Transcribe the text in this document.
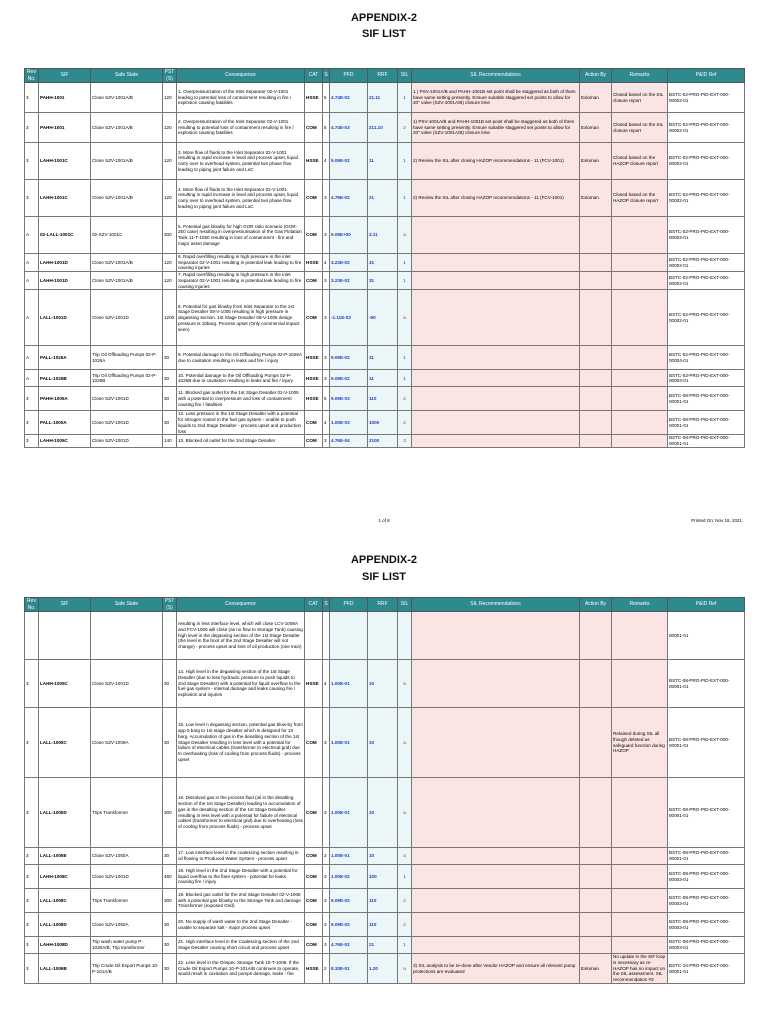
APPENDIX-2
SIF LIST
Rev No.	SIF	Safe State	PST (S)	Consequence	CAT	S	PFD	RRF	SIL	SIL Recommendations	Action By	Remarks	P&ID Ref
3	PAHH-1001	Close SZV-1001A/B	120	1. Overpressurization of the Inlet Separator 02-V-1001 leading to potential loss of containment resulting in fire / explosion causing fatalities	HSSE	5	4.74E-02	21.11	1	1 ) PSV-1001A/B and PAHH-1001B set point shall be staggered as both of them have same setting presently. Ensure suitable staggered set points to allow for 20" valve (SZV-1001A/B) closure time	Exloman	Closed based on the SIL closure report	BSTC-02-PRO-PID-EXT-000-00002-01
3	PAHH-1001	Close SZV-1001A/B	120	2. Overpressurization of the Inlet Separator 02-V-1001 resulting to potential loss of containment resulting in fire / explosion causing fatalities	COM	5	4.74E-03	211.10	2	1) PSV-1001A/B and PAHH-1001B set point shall be staggered as both of them have same setting presently. Ensure suitable staggered set points to allow for 20" valve (SZV-1001A/B) closure time	Exloman	Closed based on the SIL closure report	BSTC-02-PRO-PID-EXT-000-00002-01
3	LAHH-1001C	Close SZV-1001A/B	120	3. More flow of fluids to the Inlet Separator 02-V-1001 resulting in rapid increase in level and process upset, liquid carry over to overhead system, potential two phase flow leading to piping joint failure and LoC	HSSE	4	9.09E-02	11	1	2) Review the SIL after closing HAZOP recommendations - 11 (FCV-1001)	Exloman	Closed based on the HAZOP closure report	BSTC-02-PRO-PID-EXT-000-00002-01
3	LAHH-1001C	Close SZV-1001A/B	120	4. More flow of fluids to the Inlet Separator 02-V-1001 resulting in rapid increase in level and process upset, liquid carry over to overhead system, potential two phase flow leading to piping joint failure and LoC	COM	3	4.76E-02	21	1	2) Review the SIL after closing HAZOP recommendations - 11 (FCV-1001)	Exloman	Closed based on the HAZOP closure report	BSTC-02-PRO-PID-EXT-000-00002-01
A	02-LALL-1001C	02-SZV-1001C	300	5. Potential gas blowby for high GOR ratio scenario (GOR-250 case) resulting in overpressurisation of the Gas Flotation Tank 11-T-1050 resulting in loss of containment - fire and major asset damage	COM	3	9.09E+00	3.11	a				BSTC-02-PRO-PID-EXT-000-00002-01
A	LAHH-1001D	Close SZV-1001A/B	120	6. Rapid overfilling resulting in high pressure in the inlet Separator 02-V-1001 resulting in potential leak leading to fire causing injuries	HSSE	4	3.23E-02	31	1				BSTC-02-PRO-PID-EXT-000-00002-01
A	LAHH-1001D	Close SZV-1001A/B	120	7. Rapid overfilling resulting in high pressure in the inlet Separator 02-V-1001 resulting in potential leak leading to fire causing injuries	COM	3	3.23E-02	31	1				BSTC-02-PRO-PID-EXT-000-00002-01
A	LALL-1001D	Close SZV-1001D	1200	8. Potential for gas blowby from Inlet Separator to the 1st Stage Desalter 08-V-1005 resulting in high pressure in degassing section. 1st Stage Desalter 08-V-1005 design pressure is 10barg. Process upset (Only commercial impact seen)	COM	3	-1.11E-02	-90	a				BSTC-02-PRO-PID-EXT-000-00002-01
A	PALL-1026A	Trip Oil Offloading Pumps 02-P-1026A	30	9. Potential damage to the Oil Offloading Pumps 02-P-1026A due to cavitation resulting in leaks and fire / injury	HSSE	3	9.09E-02	11	1				BSTC-02-PRO-PID-EXT-000-00004-01
A	PALL-1026B	Trip Oil Offloading Pumps 02-P-1026B	30	10. Potential damage to the Oil Offloading Pumps 02-P-1026B due to cavitation resulting in leaks and fire / injury	HSSE	3	9.09E-02	11	1				BSTC-02-PRO-PID-EXT-000-00004-01
3	PAHH-1005A	Close SZV-1001D	30	11. Blocked gas outlet for the 1st Stage Desalter 02-V-1005 with a potential to overpressure and loss of containment causing fire / fatalities	HSSE	5	9.09E-03	110	2				BSTC-08-PRO-PID-EXT-000-00001-01
3	PALL-1005A	Close SZV-1001D	30	12. Less pressure in the 1st Stage Desalter with a potential for nitrogen routed to the fuel gas system - unable to push liquids to 2nd Stage Desalter - process upset and production loss	COM	4	1.00E-03	1000	2				BSTC-08-PRO-PID-EXT-000-00001-01
3	LAHH-1005C	Close SZV-1001D	140	13. Blocked oil outlet for the 2nd Stage Desalter	COM	3	4.76E-04	2100	3				BSTC-08-PRO-PID-EXT-000-00001-01
1 of 8	Printed On: Nov 18, 2021
APPENDIX-2
SIF LIST
Rev No.	SIF	Safe State	PST (S)	Consequence	CAT	S	PFD	RRF	SIL	SIL Recommendations	Action By	Remarks	P&ID Ref
				resulting in less interface level, which will close LCV-1008A and FCV-1006 will close (as no flow to Storage Tank) causing high level in the degassing section of the 1st Stage Desalter (the level in the boot of the 2nd Stage Desalter will not change) - process upset and loss of oil production (one train)									00001-01
3	LAHH-1005C	Close SZV-1001D	30	14. High level in the degassing section of the 1st Stage Desalter (due to less hydraulic pressure to push liquids to 2nd Stage Desalter) with a potential for liquid overflow to the fuel gas system - internal damage and leaks causing fire / explosion and injuries	HSSE	4	1.00E-01	10	a				BSTC-08-PRO-PID-EXT-000-00001-01
3	LALL-1005C	Close SZV-1009A	30	15. Low level n degassing section, potential gas blow-by from app 5 barg to 1st stage desalter which is designed for 10 barg. Accumulation of gas in the desalting section of the 1st Stage Desalter resulting in less level with a potential for failure of electrical cables (transformer to electrical grid) due to overheating (loss of cooling from process fluids) - process upset	COM	3	1.00E-01	10	a			Retained during SIL all though deleted as safeguard function during HAZOP	BSTC-08-PRO-PID-EXT-000-00001-01
3	LALL-1005D	Trips Transformer	300	16. Dissolved gas in the process fluid (oil in the desalting section of the 1st Stage Desalter) leading to accumulation of gas in the desalting section of the 1st Stage Desalter resulting in less level with a potential for failure of electrical cables (transformer to electrical grid) due to overheating (loss of cooling from process fluids) - process upset	COM	3	1.00E-01	10	a				BSTC-08-PRO-PID-EXT-000-00001-01
3	LALL-1005E	Close SZV-1050A	30	17. Low interface level in the coalescing section resulting in oil flowing to Produced Water System - process upset	COM	2	1.00E-01	10	a				BSTC-08-PRO-PID-EXT-000-00001-01
3	LAHH-1008C	Close SZV-1001D	460	18. High level in the 2nd Stage Desalter with a potential for liquid overflow to the flare system - potential for leaks causing fire / injury	COM	3	1.00E-02	100	1				BSTC-08-PRO-PID-EXT-000-00003-01
3	LALL-1008C	Trips Transformer	300	19. Blocked gas outlet for the 2nd Stage Desalter 02-V-1008 with a potential gas blowby to the Storage Tank and damage Transformer (exposed Grid)	COM	3	9.09E-03	110	2				BSTC-08-PRO-PID-EXT-000-00003-01
3	LALL-1008D	Close SZV-1050A	30	20. No supply of wash water to the 2nd Stage Desalter - unable to separate salt - major process upset	COM	3	9.09E-03	110	2				BSTC-08-PRO-PID-EXT-000-00003-01
3	LAHH-1008D	Trip wash water pump P-1030A/B; Trip transformer	30	21. High interface level in the Coalescing section of the 2nd Stage Desalter causing short circuit and process upset	COM	3	4.76E-02	21	1				BSTC-08-PRO-PID-EXT-000-00003-01
3	LALL-1009B	Trip Crude Oil Export Pumps 10-P-101A/B	30	22. Less level in the Onspec Storage Tank 10-T-1009. If the Crude Oil Export Pumps 10-P-101A/B continues to operate, would result in cavitation and pumps damage, leaks - fire	HSSE	2	8.33E-01	1.20	a	3) SIL analysis to be re-done after Vendor HAZOP and ensure all relevant pump protections are evaluated	Exloman	No update in the SIF loop is necessary as re-HAZOP has no impact on the SIL assessment. SIL recommendation #3	BSTC-10-PRO-PID-EXT-000-00001-01
